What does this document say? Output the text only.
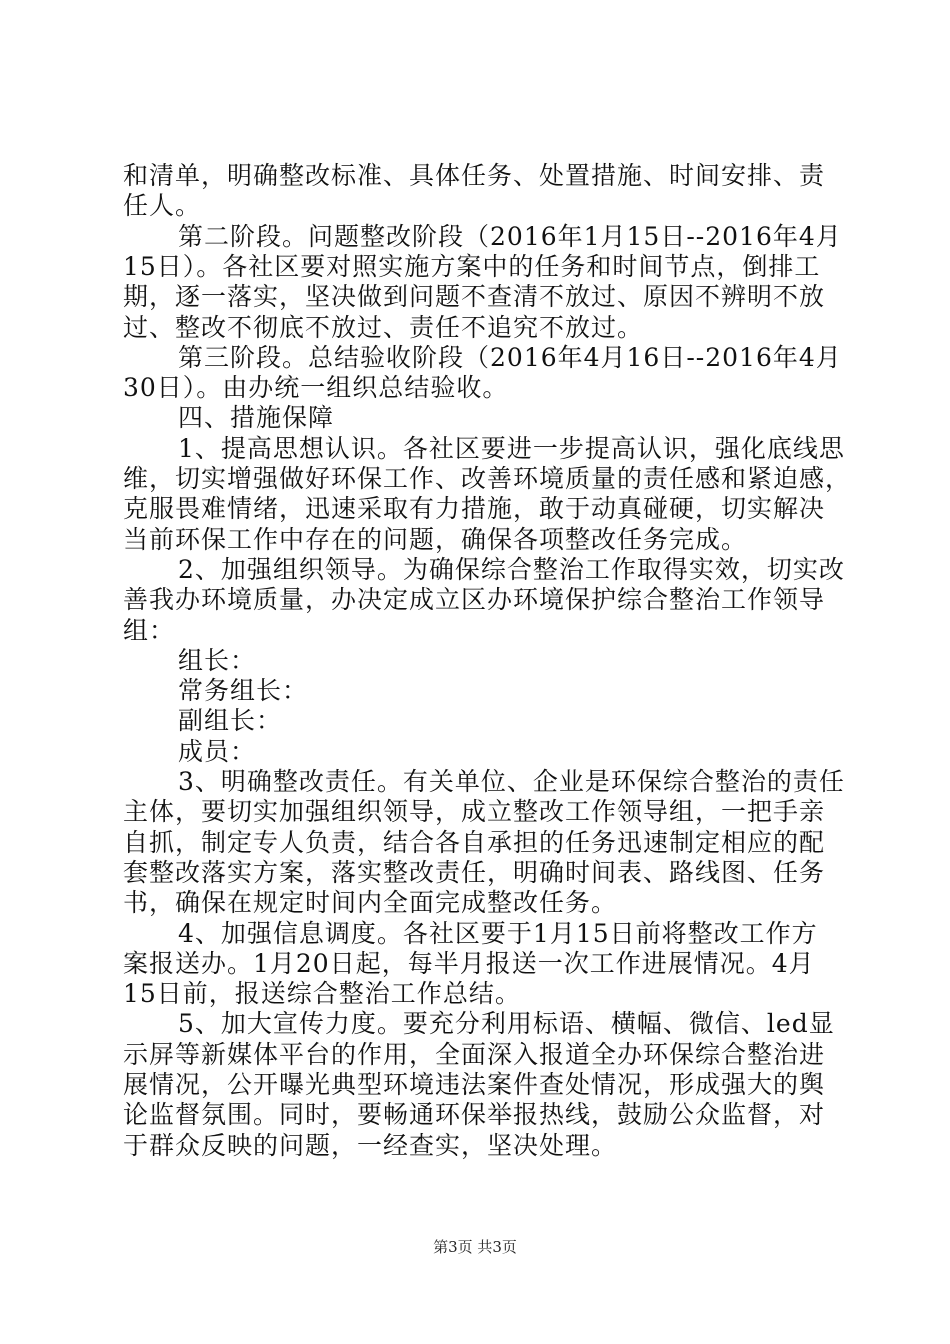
和清单，明确整改标准、具体任务、处置措施、时间安排、责
任人。
第二阶段。问题整改阶段（2016年1月15日--2016年4月
15日）。各社区要对照实施方案中的任务和时间节点，倒排工
期，逐一落实，坚决做到问题不查清不放过、原因不辨明不放
过、整改不彻底不放过、责任不追究不放过。
第三阶段。总结验收阶段（2016年4月16日--2016年4月
30日）。由办统一组织总结验收。
四、措施保障
1、提高思想认识。各社区要进一步提高认识，强化底线思
维，切实增强做好环保工作、改善环境质量的责任感和紧迫感，
克服畏难情绪，迅速采取有力措施，敢于动真碰硬，切实解决
当前环保工作中存在的问题，确保各项整改任务完成。
2、加强组织领导。为确保综合整治工作取得实效，切实改
善我办环境质量，办决定成立区办环境保护综合整治工作领导
组：
组长：
常务组长：
副组长：
成员：
3、明确整改责任。有关单位、企业是环保综合整治的责任
主体，要切实加强组织领导，成立整改工作领导组，一把手亲
自抓，制定专人负责，结合各自承担的任务迅速制定相应的配
套整改落实方案，落实整改责任，明确时间表、路线图、任务
书，确保在规定时间内全面完成整改任务。
4、加强信息调度。各社区要于1月15日前将整改工作方
案报送办。1月20日起，每半月报送一次工作进展情况。4月
15日前，报送综合整治工作总结。
5、加大宣传力度。要充分利用标语、横幅、微信、led显
示屏等新媒体平台的作用，全面深入报道全办环保综合整治进
展情况，公开曝光典型环境违法案件查处情况，形成强大的舆
论监督氛围。同时，要畅通环保举报热线，鼓励公众监督，对
于群众反映的问题，一经查实，坚决处理。
第3页 共3页
